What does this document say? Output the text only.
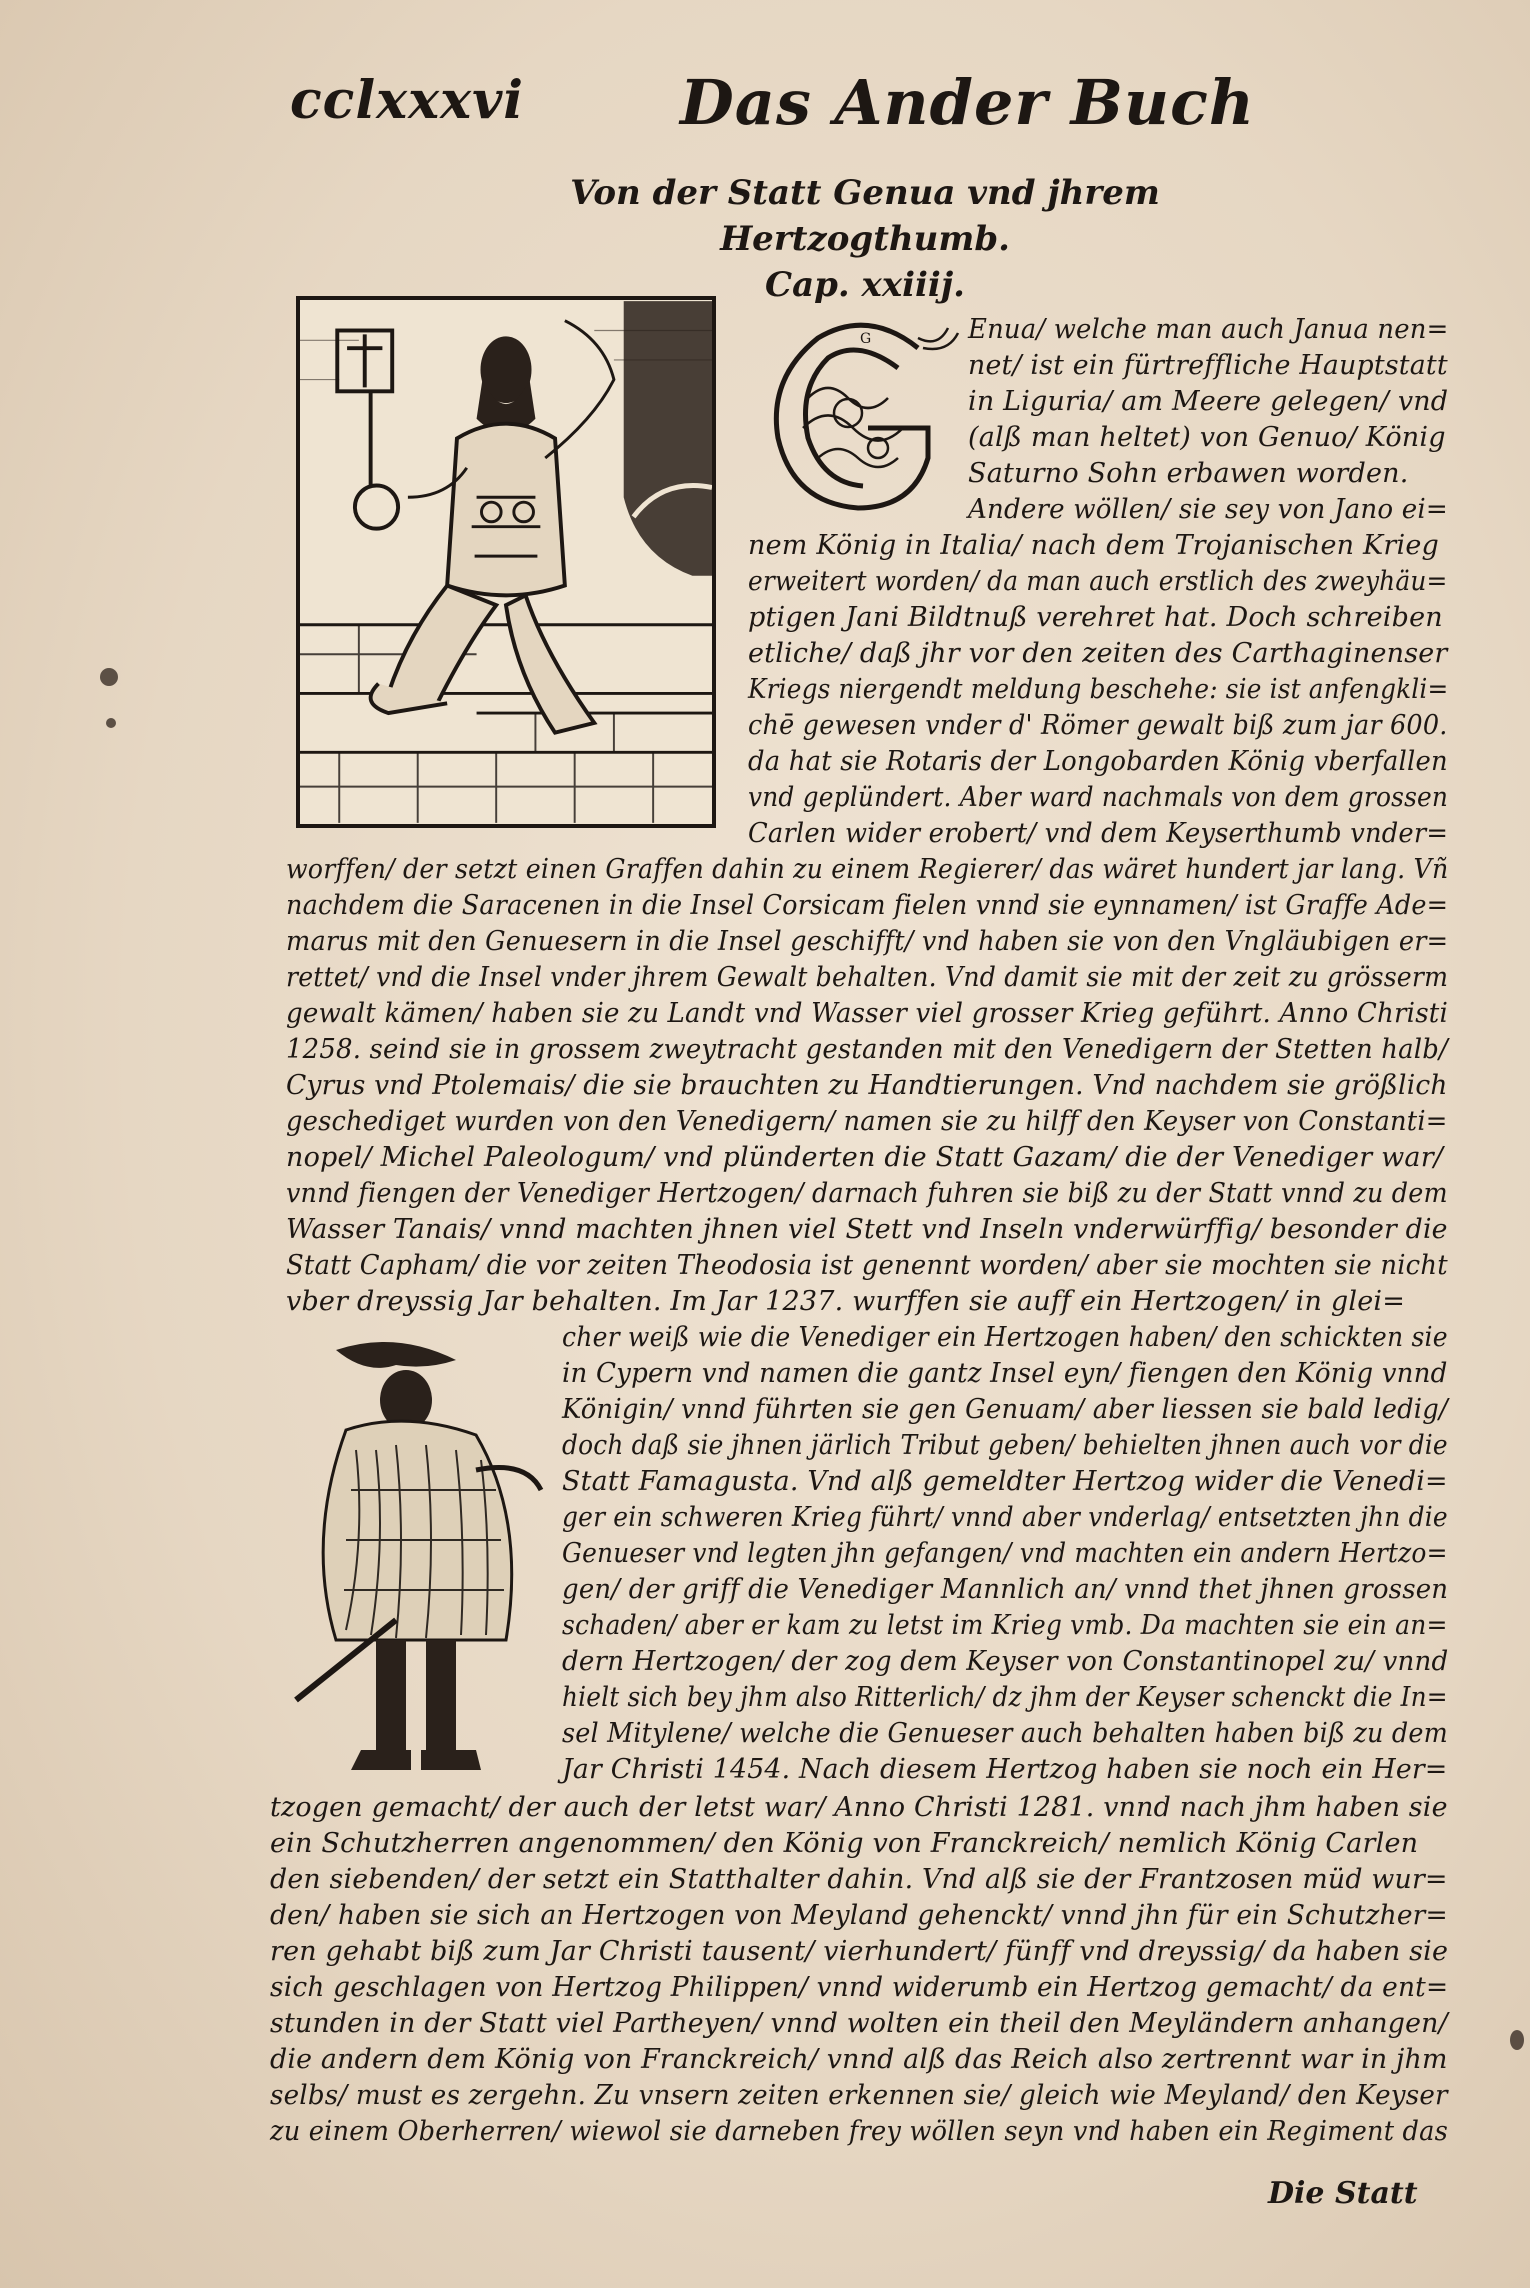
cclxxxvi	Das Ander Buch
Von der Statt Genua vnd jhrem Hertzogthumb.
Cap. xxiiij.
G	Enua/ welche man auch Janua nen=
net/ ist ein fürtreffliche Hauptstatt
in Liguria/ am Meere gelegen/ vnd
(alß man heltet) von Genuo/ König
Saturno Sohn erbawen worden.
Andere wöllen/ sie sey von Jano ei=
nem König in Italia/ nach dem Trojanischen Krieg
erweitert worden/ da man auch erstlich des zweyhäu=
ptigen Jani Bildtnuß verehret hat. Doch schreiben
etliche/ daß jhr vor den zeiten des Carthaginenser
Kriegs niergendt meldung beschehe: sie ist anfengkli=
chē gewesen vnder d' Römer gewalt biß zum jar 600.
da hat sie Rotaris der Longobarden König vberfallen
vnd geplündert. Aber ward nachmals von dem grossen
Carlen wider erobert/ vnd dem Keyserthumb vnder=
worffen/ der setzt einen Graffen dahin zu einem Regierer/ das wäret hundert jar lang. Vñ
nachdem die Saracenen in die Insel Corsicam fielen vnnd sie eynnamen/ ist Graffe Ade=
marus mit den Genuesern in die Insel geschifft/ vnd haben sie von den Vngläubigen er=
rettet/ vnd die Insel vnder jhrem Gewalt behalten. Vnd damit sie mit der zeit zu grösserm
gewalt kämen/ haben sie zu Landt vnd Wasser viel grosser Krieg geführt. Anno Christi
1258. seind sie in grossem zweytracht gestanden mit den Venedigern der Stetten halb/
Cyrus vnd Ptolemais/ die sie brauchten zu Handtierungen. Vnd nachdem sie größlich
geschediget wurden von den Venedigern/ namen sie zu hilff den Keyser von Constanti=
nopel/ Michel Paleologum/ vnd plünderten die Statt Gazam/ die der Venediger war/
vnnd fiengen der Venediger Hertzogen/ darnach fuhren sie biß zu der Statt vnnd zu dem
Wasser Tanais/ vnnd machten jhnen viel Stett vnd Inseln vnderwürffig/ besonder die
Statt Capham/ die vor zeiten Theodosia ist genennt worden/ aber sie mochten sie nicht
vber dreyssig Jar behalten. Im Jar 1237. wurffen sie auff ein Hertzogen/ in glei=
cher weiß wie die Venediger ein Hertzogen haben/ den schickten sie
in Cypern vnd namen die gantz Insel eyn/ fiengen den König vnnd
Königin/ vnnd führten sie gen Genuam/ aber liessen sie bald ledig/
doch daß sie jhnen järlich Tribut geben/ behielten jhnen auch vor die
Statt Famagusta. Vnd alß gemeldter Hertzog wider die Venedi=
ger ein schweren Krieg führt/ vnnd aber vnderlag/ entsetzten jhn die
Genueser vnd legten jhn gefangen/ vnd machten ein andern Hertzo=
gen/ der griff die Venediger Mannlich an/ vnnd thet jhnen grossen
schaden/ aber er kam zu letst im Krieg vmb. Da machten sie ein an=
dern Hertzogen/ der zog dem Keyser von Constantinopel zu/ vnnd
hielt sich bey jhm also Ritterlich/ dz jhm der Keyser schenckt die In=
sel Mitylene/ welche die Genueser auch behalten haben biß zu dem
Jar Christi 1454. Nach diesem Hertzog haben sie noch ein Her=
tzogen gemacht/ der auch der letst war/ Anno Christi 1281. vnnd nach jhm haben sie
ein Schutzherren angenommen/ den König von Franckreich/ nemlich König Carlen
den siebenden/ der setzt ein Statthalter dahin. Vnd alß sie der Frantzosen müd wur=
den/ haben sie sich an Hertzogen von Meyland gehenckt/ vnnd jhn für ein Schutzher=
ren gehabt biß zum Jar Christi tausent/ vierhundert/ fünff vnd dreyssig/ da haben sie
sich geschlagen von Hertzog Philippen/ vnnd widerumb ein Hertzog gemacht/ da ent=
stunden in der Statt viel Partheyen/ vnnd wolten ein theil den Meyländern anhangen/
die andern dem König von Franckreich/ vnnd alß das Reich also zertrennt war in jhm
selbs/ must es zergehn. Zu vnsern zeiten erkennen sie/ gleich wie Meyland/ den Keyser
zu einem Oberherren/ wiewol sie darneben frey wöllen seyn vnd haben ein Regiment das
Die Statt
